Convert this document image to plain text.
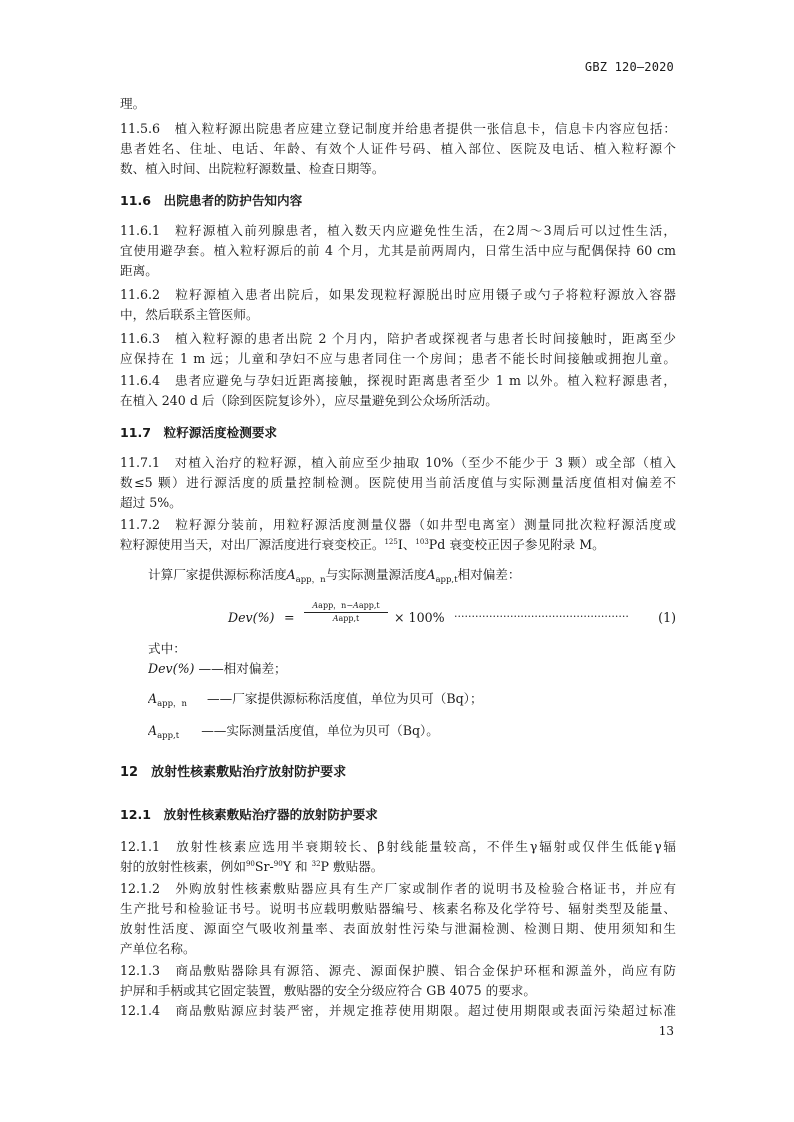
GBZ 120—2020
理。
11.5.6　植入粒籽源出院患者应建立登记制度并给患者提供一张信息卡，信息卡内容应包括：
患者姓名、住址、电话、年龄、有效个人证件号码、植入部位、医院及电话、植入粒籽源个
数、植入时间、出院粒籽源数量、检查日期等。
11.6　出院患者的防护告知内容
11.6.1　粒籽源植入前列腺患者，植入数天内应避免性生活，在2周～3周后可以过性生活，
宜使用避孕套。植入粒籽源后的前 4 个月，尤其是前两周内，日常生活中应与配偶保持 60 cm
距离。
11.6.2　粒籽源植入患者出院后，如果发现粒籽源脱出时应用镊子或勺子将粒籽源放入容器
中，然后联系主管医师。
11.6.3　植入粒籽源的患者出院 2 个月内，陪护者或探视者与患者长时间接触时，距离至少
应保持在 1 m 远；儿童和孕妇不应与患者同住一个房间；患者不能长时间接触或拥抱儿童。
11.6.4　患者应避免与孕妇近距离接触，探视时距离患者至少 1 m 以外。植入粒籽源患者，
在植入 240 d 后（除到医院复诊外），应尽量避免到公众场所活动。
11.7　粒籽源活度检测要求
11.7.1　对植入治疗的粒籽源，植入前应至少抽取 10%（至少不能少于 3 颗）或全部（植入
数≤5 颗）进行源活度的质量控制检测。医院使用当前活度值与实际测量活度值相对偏差不
超过 5%。
11.7.2　粒籽源分装前，用粒籽源活度测量仪器（如井型电离室）测量同批次粒籽源活度或
粒籽源使用当天，对出厂源活度进行衰变校正。$^{125}$I、$^{103}$Pd 衰变校正因子参见附录 M。
计算厂家提供源标称活度$A_{app,n}$与实际测量源活度$A_{app,t}$相对偏差：
Dev(%) =
Aapp，n−Aapp,t
Aapp,t	× 100% ··················································	(1)
式中：
Dev(%) ——相对偏差；
$A_{app,n}$ ——厂家提供源标称活度值，单位为贝可（Bq）；
$A_{app,t}$ ——实际测量活度值，单位为贝可（Bq）。
12　放射性核素敷贴治疗放射防护要求
12.1　放射性核素敷贴治疗器的放射防护要求
12.1.1　放射性核素应选用半衰期较长、β射线能量较高，不伴生γ辐射或仅伴生低能γ辐
射的放射性核素，例如$^{90}$Sr-$^{90}$Y 和 $^{32}$P 敷贴器。
12.1.2　外购放射性核素敷贴器应具有生产厂家或制作者的说明书及检验合格证书，并应有
生产批号和检验证书号。说明书应载明敷贴器编号、核素名称及化学符号、辐射类型及能量、
放射性活度、源面空气吸收剂量率、表面放射性污染与泄漏检测、检测日期、使用须知和生
产单位名称。
12.1.3　商品敷贴器除具有源箔、源壳、源面保护膜、铝合金保护环框和源盖外，尚应有防
护屏和手柄或其它固定装置，敷贴器的安全分级应符合 GB 4075 的要求。
12.1.4　商品敷贴源应封装严密，并规定推荐使用期限。超过使用期限或表面污染超过标准
13
